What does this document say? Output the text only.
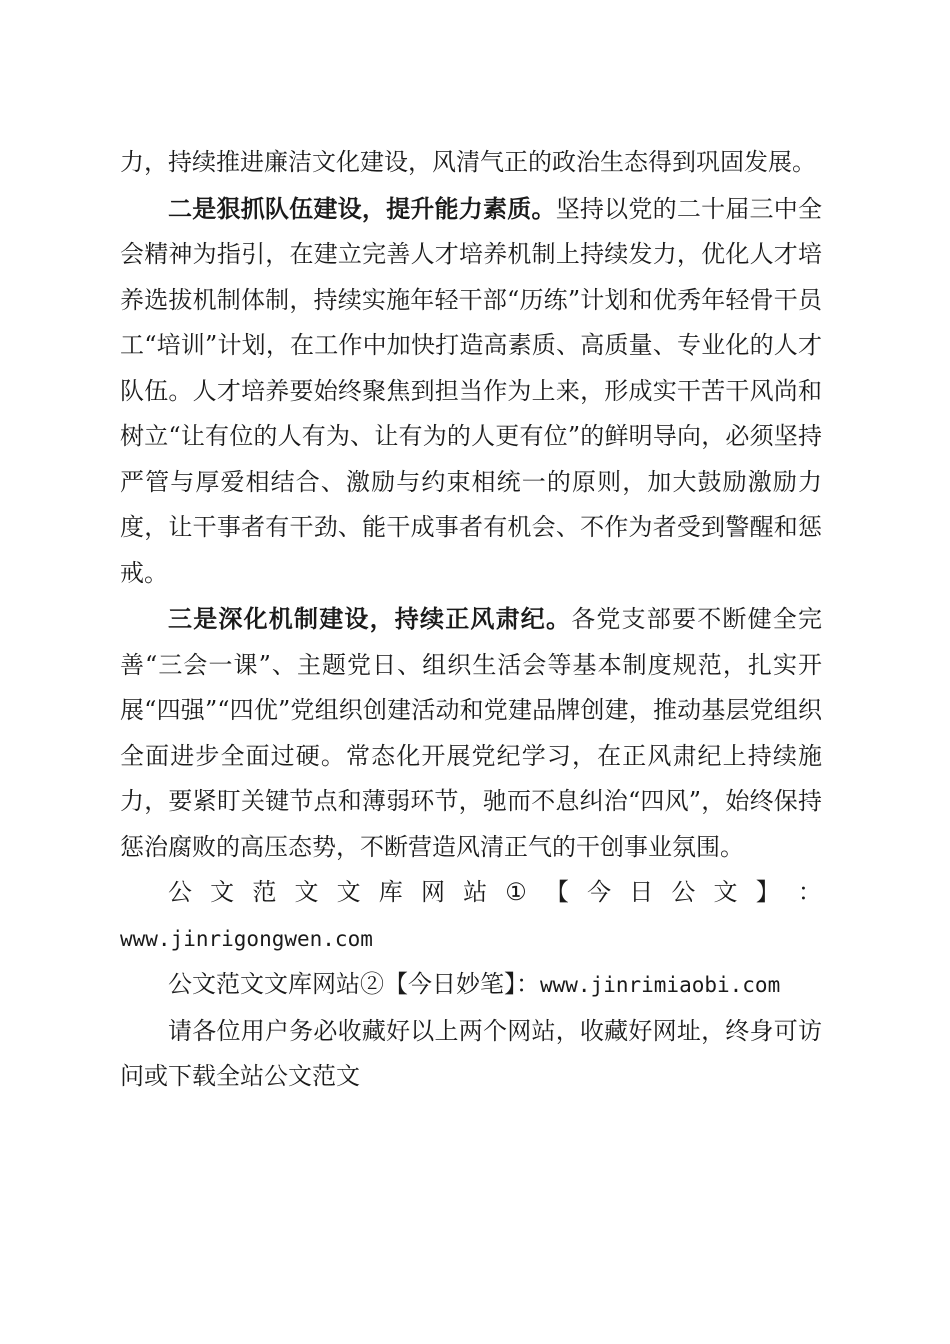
力，持续推进廉洁文化建设，风清气正的政治生态得到巩固发展。

二是狠抓队伍建设，提升能力素质。坚持以党的二十届三中全会精神为指引，在建立完善人才培养机制上持续发力，优化人才培养选拔机制体制，持续实施年轻干部“历练”计划和优秀年轻骨干员工“培训”计划，在工作中加快打造高素质、高质量、专业化的人才队伍。人才培养要始终聚焦到担当作为上来，形成实干苦干风尚和树立“让有位的人有为、让有为的人更有位”的鲜明导向，必须坚持严管与厚爱相结合、激励与约束相统一的原则，加大鼓励激励力度，让干事者有干劲、能干成事者有机会、不作为者受到警醒和惩戒。

三是深化机制建设，持续正风肃纪。各党支部要不断健全完善“三会一课”、主题党日、组织生活会等基本制度规范，扎实开展“四强”“四优”党组织创建活动和党建品牌创建，推动基层党组织全面进步全面过硬。常态化开展党纪学习，在正风肃纪上持续施力，要紧盯关键节点和薄弱环节，驰而不息纠治“四风”，始终保持惩治腐败的高压态势，不断营造风清正气的干创事业氛围。

公 文 范 文 文 库 网 站 ① 【 今 日 公 文 】 ：

www.jinrigongwen.com

公文范文文库网站②【今日妙笔】：www.jinrimiaobi.com

请各位用户务必收藏好以上两个网站，收藏好网址，终身可访问或下载全站公文范文
